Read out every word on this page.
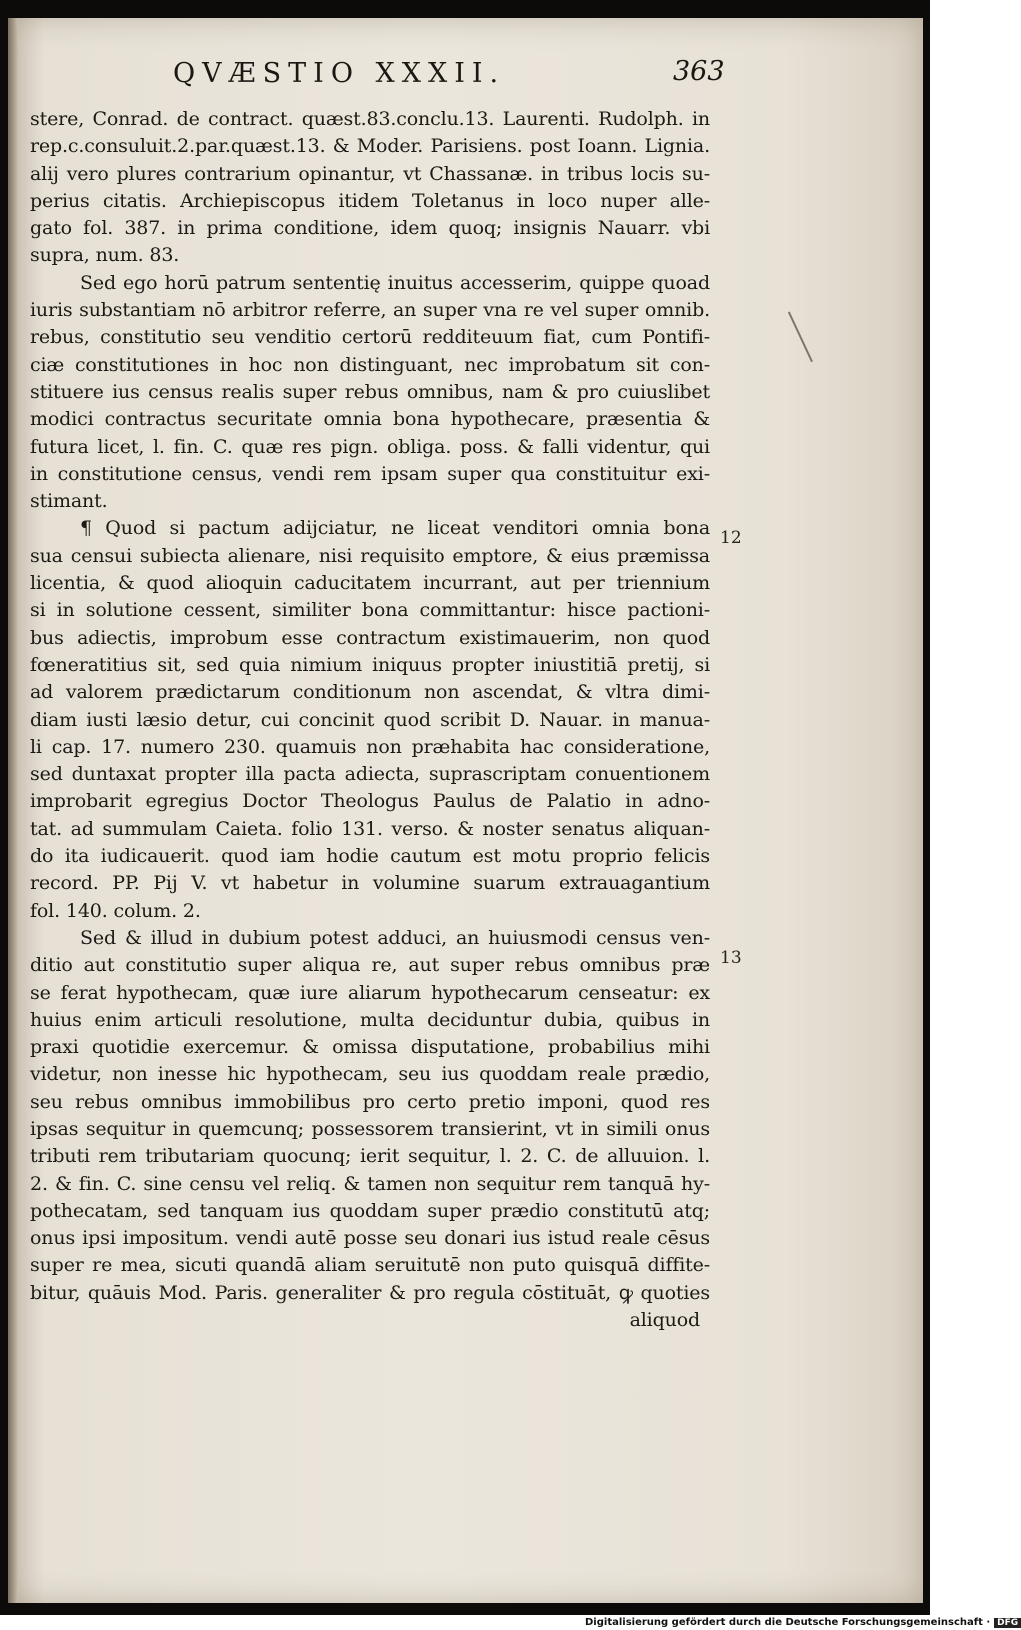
QVÆSTIO XXXII.	363
stere, Conrad. de contract. quæst.83.conclu.13. Laurenti. Rudolph. in
rep.c.consuluit.2.par.quæst.13. & Moder. Parisiens. post Ioann. Lignia.
alij vero plures contrarium opinantur, vt Chassanæ. in tribus locis su-
perius citatis. Archiepiscopus itidem Toletanus in loco nuper alle-
gato fol. 387. in prima conditione, idem quoq; insignis Nauarr. vbi
supra, num. 83.
Sed ego horū patrum sententię inuitus accesserim, quippe quoad
iuris substantiam nō arbitror referre, an super vna re vel super omnib.
rebus, constitutio seu venditio certorū redditeuum fiat, cum Pontifi-
ciæ constitutiones in hoc non distinguant, nec improbatum sit con-
stituere ius census realis super rebus omnibus, nam & pro cuiuslibet
modici contractus securitate omnia bona hypothecare, præsentia &
futura licet, l. fin. C. quæ res pign. obliga. poss. & falli videntur, qui
in constitutione census, vendi rem ipsam super qua constituitur exi-
stimant.
¶ Quod si pactum adijciatur, ne liceat venditori omnia bona
sua censui subiecta alienare, nisi requisito emptore, & eius præmissa
licentia, & quod alioquin caducitatem incurrant, aut per triennium
si in solutione cessent, similiter bona committantur: hisce pactioni-
bus adiectis, improbum esse contractum existimauerim, non quod
fœneratitius sit, sed quia nimium iniquus propter iniustitiā pretij, si
ad valorem prædictarum conditionum non ascendat, & vltra dimi-
diam iusti læsio detur, cui concinit quod scribit D. Nauar. in manua-
li cap. 17. numero 230. quamuis non præhabita hac consideratione,
sed duntaxat propter illa pacta adiecta, suprascriptam conuentionem
improbarit egregius Doctor Theologus Paulus de Palatio in adno-
tat. ad summulam Caieta. folio 131. verso. & noster senatus aliquan-
do ita iudicauerit. quod iam hodie cautum est motu proprio felicis
record. PP. Pij V. vt habetur in volumine suarum extrauagantium
fol. 140. colum. 2.
Sed & illud in dubium potest adduci, an huiusmodi census ven-
ditio aut constitutio super aliqua re, aut super rebus omnibus præ
se ferat hypothecam, quæ iure aliarum hypothecarum censeatur: ex
huius enim articuli resolutione, multa deciduntur dubia, quibus in
praxi quotidie exercemur. & omissa disputatione, probabilius mihi
videtur, non inesse hic hypothecam, seu ius quoddam reale prædio,
seu rebus omnibus immobilibus pro certo pretio imponi, quod res
ipsas sequitur in quemcunq; possessorem transierint, vt in simili onus
tributi rem tributariam quocunq; ierit sequitur, l. 2. C. de alluuion. l.
2. & fin. C. sine censu vel reliq. & tamen non sequitur rem tanquā hy-
pothecatam, sed tanquam ius quoddam super prædio constitutū atq;
onus ipsi impositum. vendi autē posse seu donari ius istud reale cēsus
super re mea, sicuti quandā aliam seruitutē non puto quisquā diffite-
bitur, quāuis Mod. Paris. generaliter & pro regula cōstituāt, ꝙ quoties
aliquod
12
13
Digitalisierung gefördert durch die Deutsche Forschungsgemeinschaft · DFG
